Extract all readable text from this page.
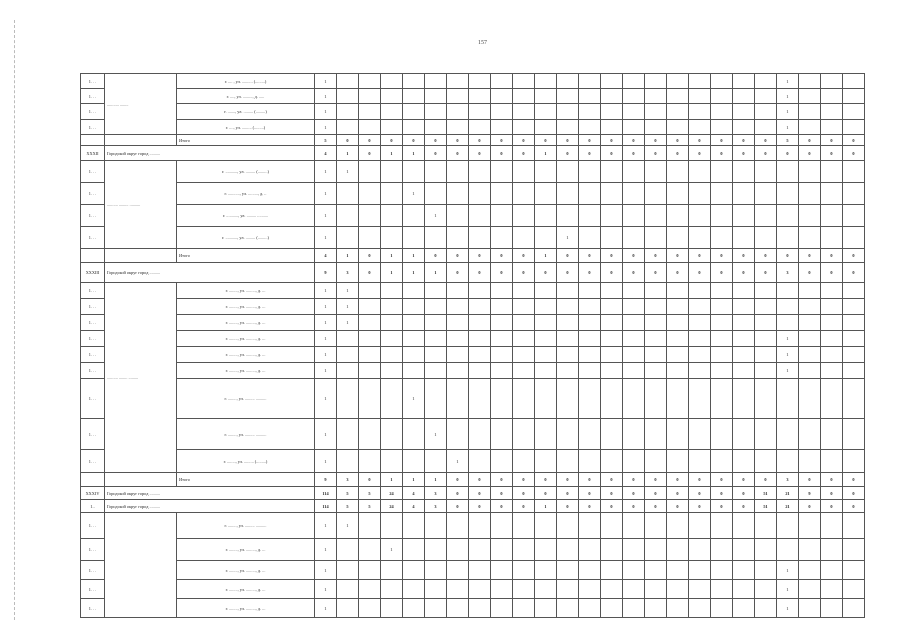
157
1. . .	........... ........	г. .... , ул. .......... (.........)	1																					1			
1. . .		г. ...., ул. ........., д. .....	1																					1			
1. . .		г. ......., ул. ......... (.........)	1																					1			
1. . .		г. ...., ул. ......... (.........)	1																					1			
		Итого	5	0	0	0	0	0	0	0	0	0	0	0	0	0	0	0	0	0	0	0	0	5	0	0	0
XXXII	Городской округ город ..........		4	1	0	1	1	0	0	0	0	0	1	0	0	0	0	0	0	0	0	0	0	0	0	0	0
1. . .	.......... ......... ..........	г. ..........., ул. ......... (.........)	1	1																							
1. . .		г. ..........., ул. ........., д. ..	1				1																				
1. . .		г. ..........., ул. ......... ..........	1					1																			
1. . .		г. ..........., ул. ......... (.........)	1											1													
		Итого	4	1	0	1	1	0	0	0	0	0	1	0	0	0	0	0	0	0	0	0	0	0	0	0	0
XXXIII	Городской округ город ..........		9	3	0	1	1	1	0	0	0	0	0	0	0	0	0	0	0	0	0	0	0	3	0	0	0
1. . .	.......... ........ .........	г. ........, ул. ........., д. ...	1	1																							
1. . .		г. ........, ул. ........., д. ...	1	1																							
1. . .		г. ........, ул. ........., д. ...	1	1																							
1. . .		г. ........, ул. ........., д. ...	1																					1			
1. . .		г. ........, ул. ........., д. ...	1																					1			
1. . .		г. ........, ул. ........., д. ...	1																					1			
1. . .		г. ........, ул. ......... ..........	1				1																				
1. . .		г. ........, ул. ......... ..........	1					1																			
1. . .		г. ........, ул. ......... (.........)	1						1																		
		Итого	9	3	0	1	1	1	0	0	0	0	0	0	0	0	0	0	0	0	0	0	0	3	0	0	0
XXXIV	Городской округ город ..........		114	5	5	24	4	3	0	0	0	0	0	0	0	0	0	0	0	0	0	0	51	21	9	0	0
1..	Городской округ город ..........		114	5	5	24	4	3	0	0	0	0	1	0	0	0	0	0	0	0	0	0	51	21	0	0	0
1. . .		г. ........, ул. ......... ..........	1	1																							
1. . .		г. ........, ул. ........., д. ...	1			1																					
1. . .		г. ........, ул. ........., д. ...	1																					1			
1. . .		г. ........, ул. ........., д. ...	1																					1			
1. . .		г. ........, ул. ........., д. ...	1																					1			
